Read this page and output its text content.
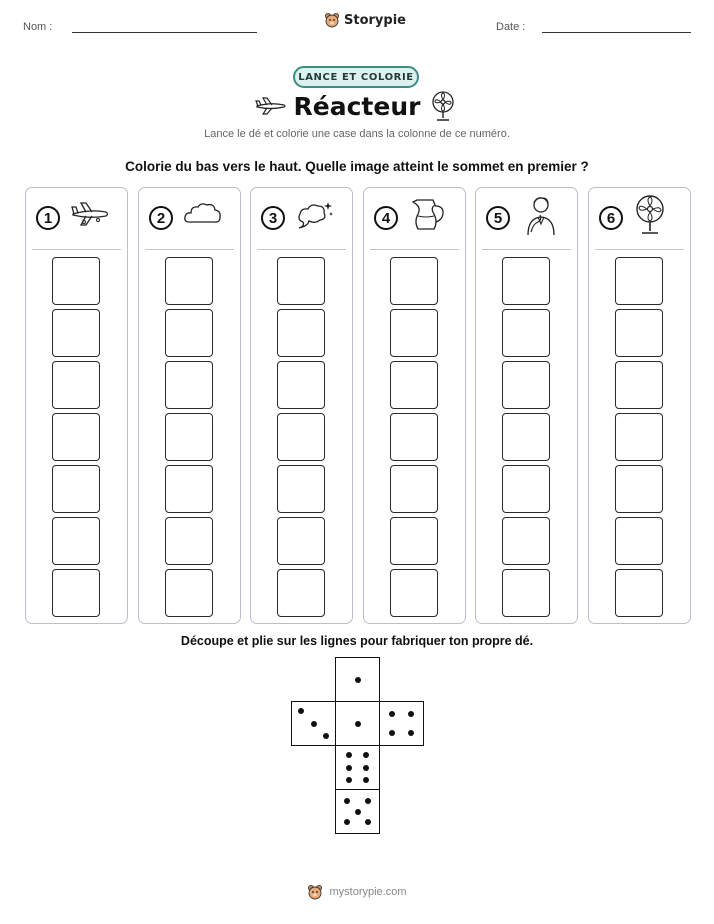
Nom :	Storypie	Date :
LANCE ET COLORIE
Réacteur
Lance le dé et colorie une case dans la colonne de ce numéro.
Colorie du bas vers le haut. Quelle image atteint le sommet en premier ?
1	2	3	4	5	6
Découpe et plie sur les lignes pour fabriquer ton propre dé.
mystorypie.com
